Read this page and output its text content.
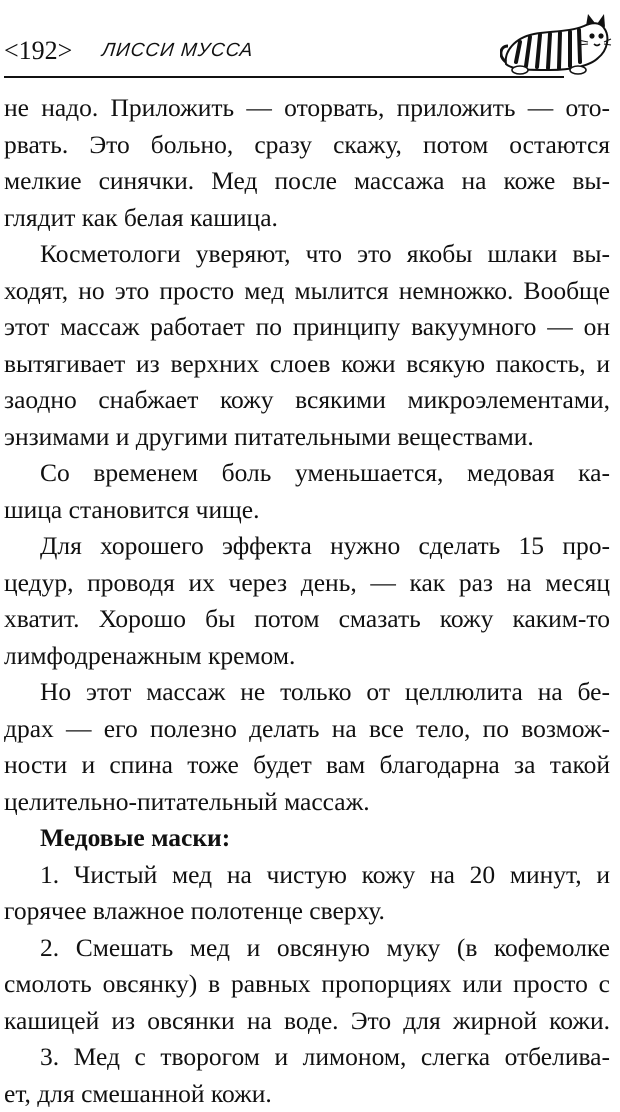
<192> ЛИССИ МУССА
не надо. Приложить — оторвать, приложить — ото-
рвать. Это больно, сразу скажу, потом остаются
мелкие синячки. Мед после массажа на коже вы-
глядит как белая кашица.
Косметологи уверяют, что это якобы шлаки вы-
ходят, но это просто мед мылится немножко. Вообще
этот массаж работает по принципу вакуумного — он
вытягивает из верхних слоев кожи всякую пакость, и
заодно снабжает кожу всякими микроэлементами,
энзимами и другими питательными веществами.
Со временем боль уменьшается, медовая ка-
шица становится чище.
Для хорошего эффекта нужно сделать 15 про-
цедур, проводя их через день, — как раз на месяц
хватит. Хорошо бы потом смазать кожу каким-то
лимфодренажным кремом.
Но этот массаж не только от целлюлита на бе-
драх — его полезно делать на все тело, по возмож-
ности и спина тоже будет вам благодарна за такой
целительно-питательный массаж.
Медовые маски:
1. Чистый мед на чистую кожу на 20 минут, и
горячее влажное полотенце сверху.
2. Смешать мед и овсяную муку (в кофемолке
смолоть овсянку) в равных пропорциях или просто с
кашицей из овсянки на воде. Это для жирной кожи.
3. Мед с творогом и лимоном, слегка отбелива-
ет, для смешанной кожи.
